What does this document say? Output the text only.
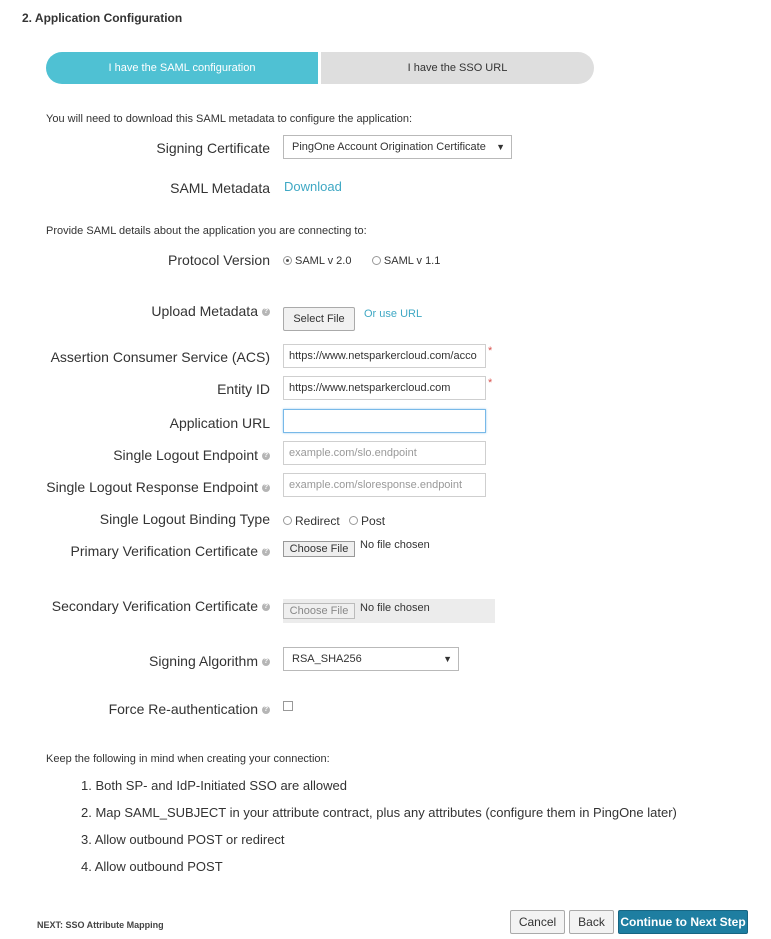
2. Application Configuration
I have the SAML configuration	I have the SSO URL
You will need to download this SAML metadata to configure the application:
Signing Certificate	PingOne Account Origination Certificate ▼
SAML Metadata Download
Provide SAML details about the application you are connecting to:
Protocol Version	SAML v 2.0	SAML v 1.1
Upload Metadata ?
Select File	Or use URL
Assertion Consumer Service (ACS)	https://www.netsparkercloud.com/acco	*
Entity ID	https://www.netsparkercloud.com	*
Application URL
Single Logout Endpoint ?	example.com/slo.endpoint
Single Logout Response Endpoint ?	example.com/sloresponse.endpoint
Single Logout Binding Type	Redirect Post
Primary Verification Certificate ?	Choose File	No file chosen
Secondary Verification Certificate ?	Choose File	No file chosen
Signing Algorithm ?	RSA_SHA256	▼
Force Re-authentication ?
Keep the following in mind when creating your connection:
1. Both SP- and IdP-Initiated SSO are allowed
2. Map SAML_SUBJECT in your attribute contract, plus any attributes (configure them in PingOne later)
3. Allow outbound POST or redirect
4. Allow outbound POST
NEXT: SSO Attribute Mapping	Cancel	Back	Continue to Next Step
